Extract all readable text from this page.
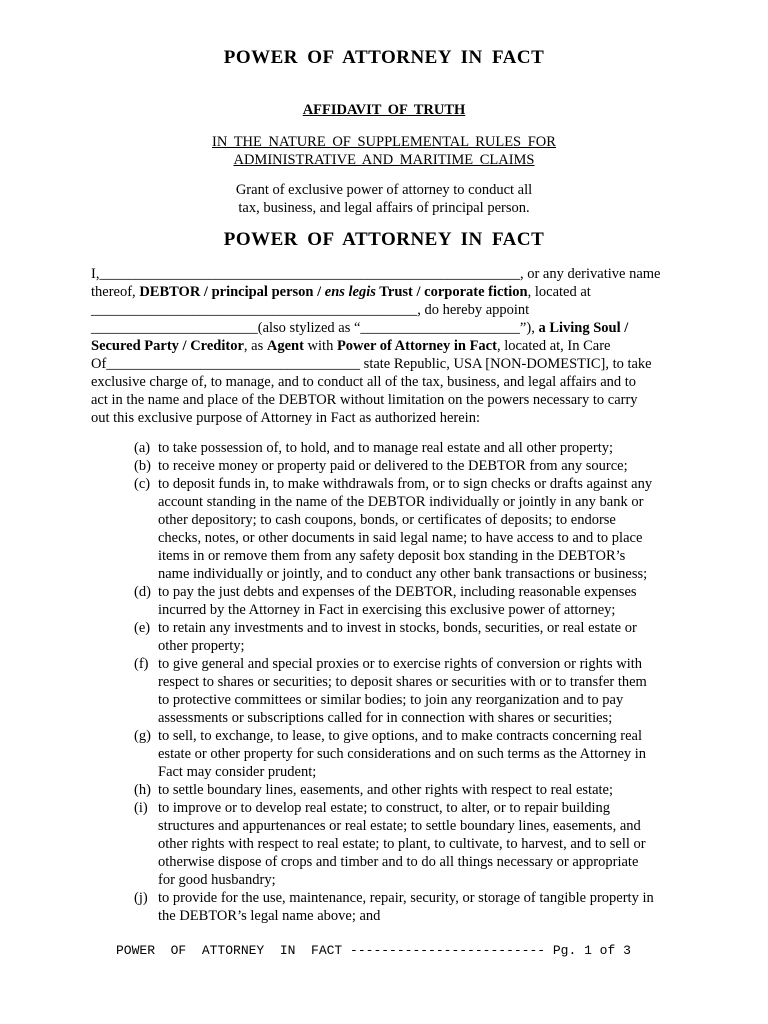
POWER OF ATTORNEY IN FACT
AFFIDAVIT OF TRUTH
IN THE NATURE OF SUPPLEMENTAL RULES FOR
ADMINISTRATIVE AND MARITIME CLAIMS
Grant of exclusive power of attorney to conduct all
tax, business, and legal affairs of principal person.
POWER OF ATTORNEY IN FACT
I,__________________________________________________________, or any derivative name
thereof, DEBTOR / principal person / ens legis Trust / corporate fiction, located at
_____________________________________________, do hereby appoint
_______________________(also stylized as “______________________”), a Living Soul /
Secured Party / Creditor, as Agent with Power of Attorney in Fact, located at, In Care
Of___________________________________ state Republic, USA [NON-DOMESTIC], to take
exclusive charge of, to manage, and to conduct all of the tax, business, and legal affairs and to
act in the name and place of the DEBTOR without limitation on the powers necessary to carry
out this exclusive purpose of Attorney in Fact as authorized herein:
(a) to take possession of, to hold, and to manage real estate and all other property;
(b) to receive money or property paid or delivered to the DEBTOR from any source;
(c) to deposit funds in, to make withdrawals from, or to sign checks or drafts against any
account standing in the name of the DEBTOR individually or jointly in any bank or
other depository; to cash coupons, bonds, or certificates of deposits; to endorse
checks, notes, or other documents in said legal name; to have access to and to place
items in or remove them from any safety deposit box standing in the DEBTOR’s
name individually or jointly, and to conduct any other bank transactions or business;
(d) to pay the just debts and expenses of the DEBTOR, including reasonable expenses
incurred by the Attorney in Fact in exercising this exclusive power of attorney;
(e) to retain any investments and to invest in stocks, bonds, securities, or real estate or
other property;
(f) to give general and special proxies or to exercise rights of conversion or rights with
respect to shares or securities; to deposit shares or securities with or to transfer them
to protective committees or similar bodies; to join any reorganization and to pay
assessments or subscriptions called for in connection with shares or securities;
(g) to sell, to exchange, to lease, to give options, and to make contracts concerning real
estate or other property for such considerations and on such terms as the Attorney in
Fact may consider prudent;
(h) to settle boundary lines, easements, and other rights with respect to real estate;
(i) to improve or to develop real estate; to construct, to alter, or to repair building
structures and appurtenances or real estate; to settle boundary lines, easements, and
other rights with respect to real estate; to plant, to cultivate, to harvest, and to sell or
otherwise dispose of crops and timber and to do all things necessary or appropriate
for good husbandry;
(j) to provide for the use, maintenance, repair, security, or storage of tangible property in
the DEBTOR’s legal name above; and
POWER  OF  ATTORNEY  IN  FACT ------------------------- Pg. 1 of 3
